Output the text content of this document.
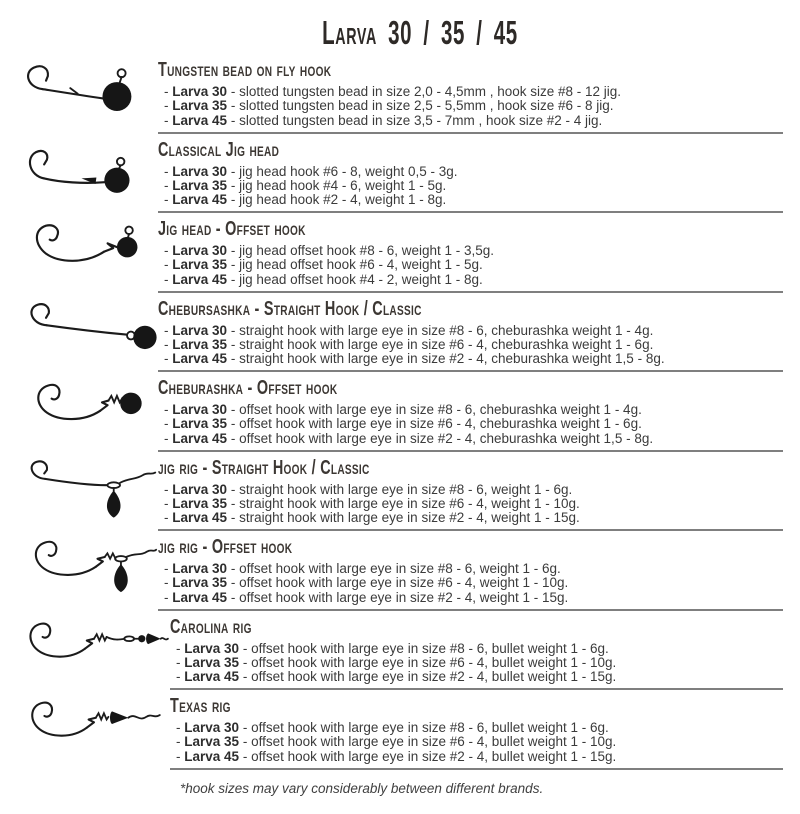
Larva 30 / 35 / 45
Tungsten bead on fly hook

- Larva 30 - slotted tungsten bead in size 2,0 - 4,5mm , hook size #8 - 12 jig.

- Larva 35 - slotted tungsten bead in size 2,5 - 5,5mm , hook size #6 - 8 jig.

- Larva 45 - slotted tungsten bead in size 3,5 - 7mm , hook size #2 - 4 jig.

Classical Jig head

- Larva 30 - jig head hook #6 - 8, weight 0,5 - 3g.

- Larva 35 - jig head hook #4 - 6, weight 1 - 5g.

- Larva 45 - jig head hook #2 - 4, weight 1 - 8g.

Jig head - Offset hook

- Larva 30 - jig head offset hook #8 - 6, weight 1 - 3,5g.

- Larva 35 - jig head offset hook #6 - 4, weight 1 - 5g.

- Larva 45 - jig head offset hook #4 - 2, weight 1 - 8g.

Chebursashka - Straight Hook / Classic

- Larva 30 - straight hook with large eye in size #8 - 6, cheburashka weight 1 - 4g.

- Larva 35 - straight hook with large eye in size #6 - 4, cheburashka weight 1 - 6g.

- Larva 45 - straight hook with large eye in size #2 - 4, cheburashka weight 1,5 - 8g.

Cheburashka - Offset hook

- Larva 30 - offset hook with large eye in size #8 - 6, cheburashka weight 1 - 4g.

- Larva 35 - offset hook with large eye in size #6 - 4, cheburashka weight 1 - 6g.

- Larva 45 - offset hook with large eye in size #2 - 4, cheburashka weight 1,5 - 8g.

jig rig - Straight Hook / Classic

- Larva 30 - straight hook with large eye in size #8 - 6, weight 1 - 6g.

- Larva 35 - straight hook with large eye in size #6 - 4, weight 1 - 10g.

- Larva 45 - straight hook with large eye in size #2 - 4, weight 1 - 15g.

jig rig - Offset hook

- Larva 30 - offset hook with large eye in size #8 - 6, weight 1 - 6g.

- Larva 35 - offset hook with large eye in size #6 - 4, weight 1 - 10g.

- Larva 45 - offset hook with large eye in size #2 - 4, weight 1 - 15g.

Carolina rig

- Larva 30 - offset hook with large eye in size #8 - 6, bullet weight 1 - 6g.

- Larva 35 - offset hook with large eye in size #6 - 4, bullet weight 1 - 10g.

- Larva 45 - offset hook with large eye in size #2 - 4, bullet weight 1 - 15g.

Texas rig

- Larva 30 - offset hook with large eye in size #8 - 6, bullet weight 1 - 6g.

- Larva 35 - offset hook with large eye in size #6 - 4, bullet weight 1 - 10g.

- Larva 45 - offset hook with large eye in size #2 - 4, bullet weight 1 - 15g.

*hook sizes may vary considerably between different brands.
